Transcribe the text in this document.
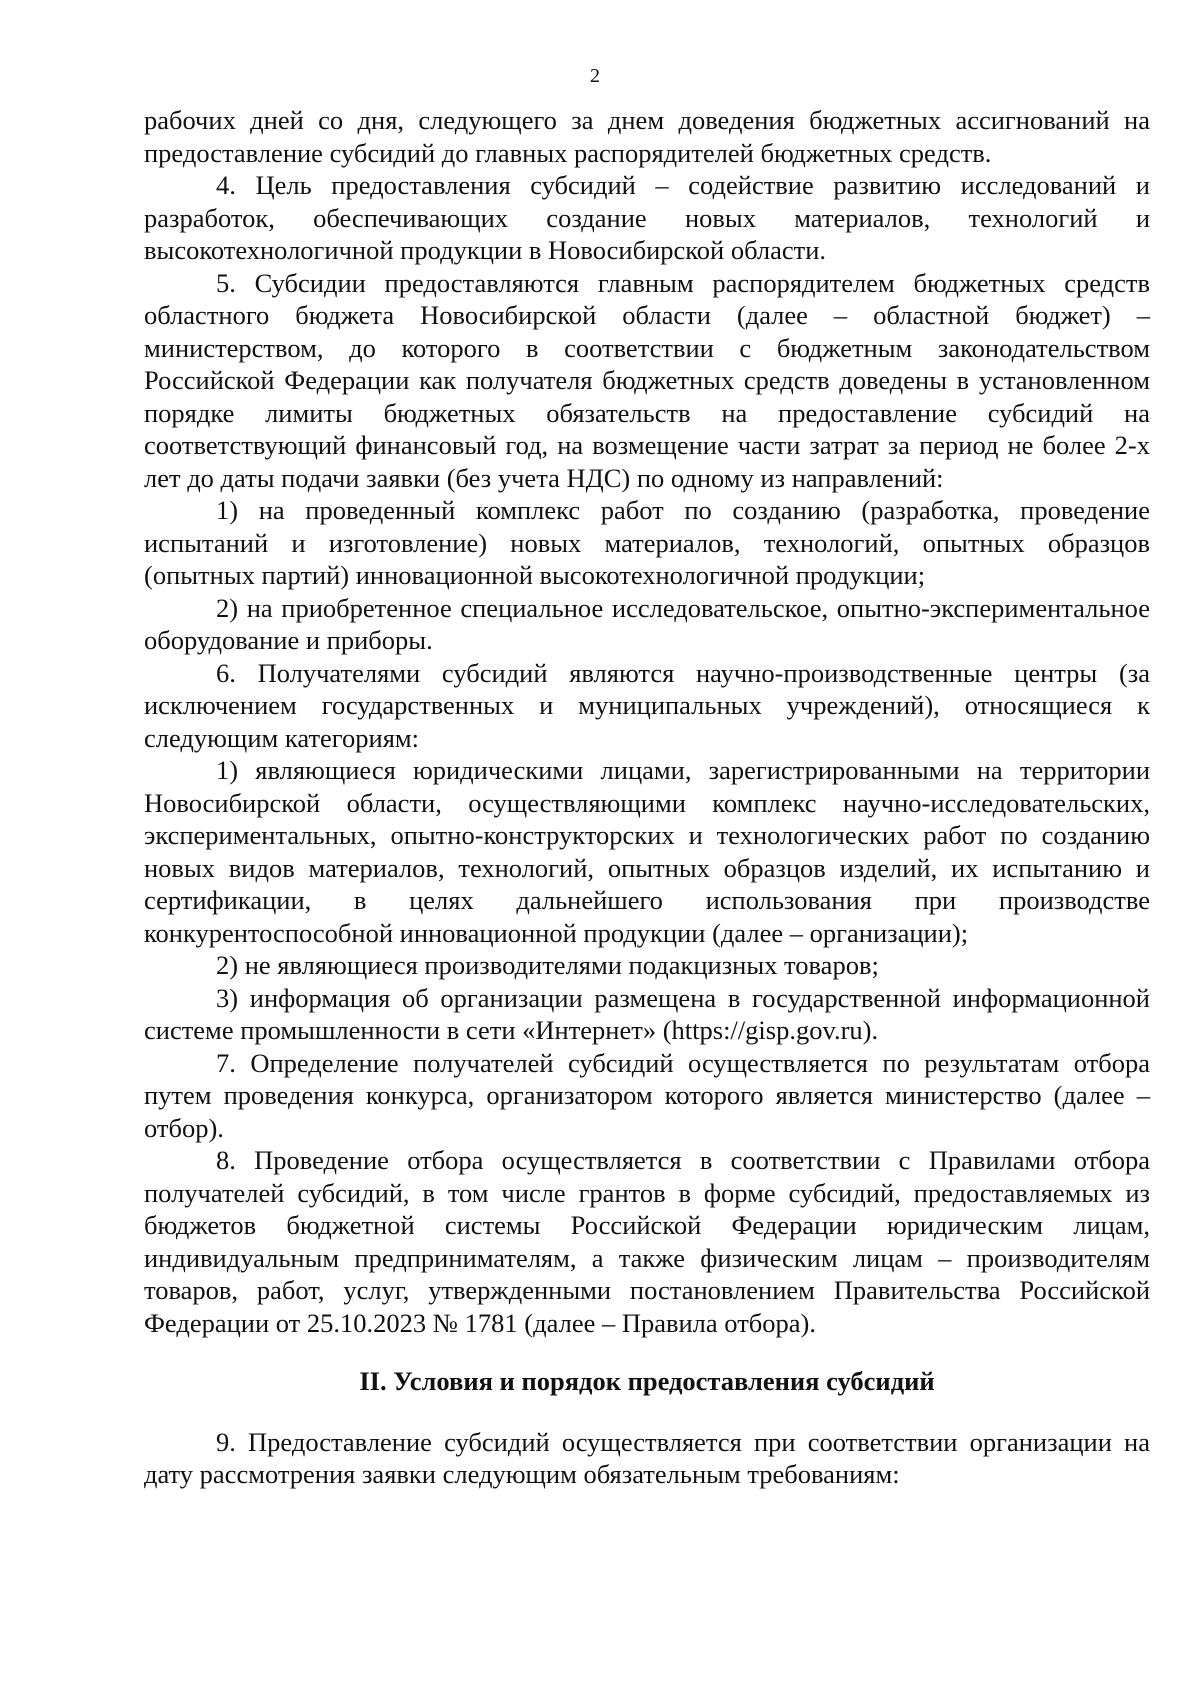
2

рабочих дней со дня, следующего за днем доведения бюджетных ассигнований на предоставление субсидий до главных распорядителей бюджетных средств.

4. Цель предоставления субсидий – содействие развитию исследований и разработок, обеспечивающих создание новых материалов, технологий и высокотехнологичной продукции в Новосибирской области.

5. Субсидии предоставляются главным распорядителем бюджетных средств областного бюджета Новосибирской области (далее – областной бюджет) – министерством, до которого в соответствии с бюджетным законодательством Российской Федерации как получателя бюджетных средств доведены в установленном порядке лимиты бюджетных обязательств на предоставление субсидий на соответствующий финансовый год, на возмещение части затрат за период не более 2-х лет до даты подачи заявки (без учета НДС) по одному из направлений:

1) на проведенный комплекс работ по созданию (разработка, проведение испытаний и изготовление) новых материалов, технологий, опытных образцов (опытных партий) инновационной высокотехнологичной продукции;

2) на приобретенное специальное исследовательское, опытно-экспериментальное оборудование и приборы.

6. Получателями субсидий являются научно-производственные центры (за исключением государственных и муниципальных учреждений), относящиеся к следующим категориям:

1) являющиеся юридическими лицами, зарегистрированными на территории Новосибирской области, осуществляющими комплекс научно-исследовательских, экспериментальных, опытно-конструкторских и технологических работ по созданию новых видов материалов, технологий, опытных образцов изделий, их испытанию и сертификации, в целях дальнейшего использования при производстве конкурентоспособной инновационной продукции (далее – организации);

2) не являющиеся производителями подакцизных товаров;

3) информация об организации размещена в государственной информационной системе промышленности в сети «Интернет» (https://gisp.gov.ru).

7. Определение получателей субсидий осуществляется по результатам отбора путем проведения конкурса, организатором которого является министерство (далее – отбор).

8. Проведение отбора осуществляется в соответствии с Правилами отбора получателей субсидий, в том числе грантов в форме субсидий, предоставляемых из бюджетов бюджетной системы Российской Федерации юридическим лицам, индивидуальным предпринимателям, а также физическим лицам – производителям товаров, работ, услуг, утвержденными постановлением Правительства Российской Федерации от 25.10.2023 № 1781 (далее – Правила отбора).

II. Условия и порядок предоставления субсидий

9. Предоставление субсидий осуществляется при соответствии организации на дату рассмотрения заявки следующим обязательным требованиям:
